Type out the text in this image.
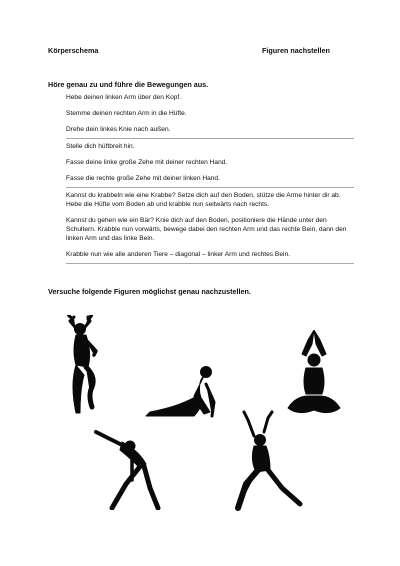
Körperschema	Figuren nachstellen
Höre genau zu und führe die Bewegungen aus.
Hebe deinen linken Arm über den Kopf.
Stemme deinen rechten Arm in die Hüfte.
Drehe dein linkes Knie nach außen.
Stelle dich hüftbreit hin.
Fasse deine linke große Zehe mit deiner rechten Hand.
Fasse die rechte große Zehe mit deiner linken Hand.
Kannst du krabbeln wie eine Krabbe? Setze dich auf den Boden, stütze die Arme hinter dir ab. Hebe die Hüfte vom Boden ab und krabble nun seitwärts nach rechts.
Kannst du gehen wie ein Bär? Knie dich auf den Boden, positioniere die Hände unter den Schultern. Krabble nun vorwärts, bewege dabei den rechten Arm und das rechte Bein, dann den linken Arm und das linke Bein.
Krabble nun wie alle anderen Tiere – diagonal – linker Arm und rechtes Bein.
Versuche folgende Figuren möglichst genau nachzustellen.
